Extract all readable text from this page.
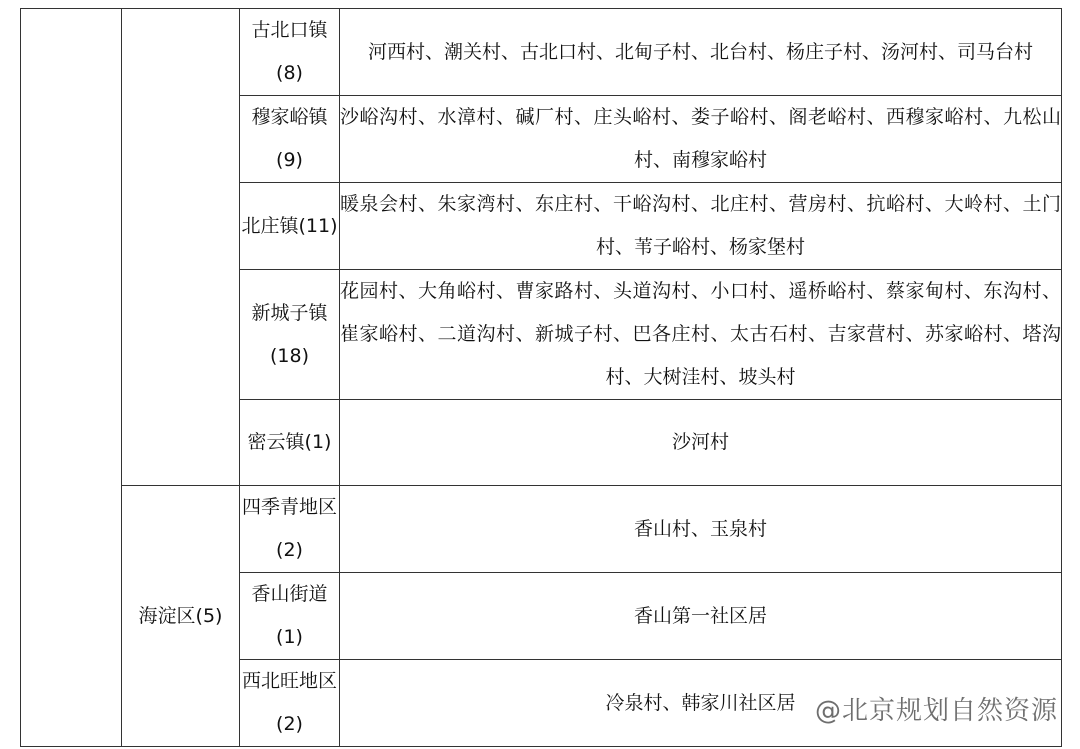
		古北口镇(8)	河西村、潮关村、古北口村、北甸子村、北台村、杨庄子村、汤河村、司马台村
		穆家峪镇(9)	沙峪沟村、水漳村、碱厂村、庄头峪村、娄子峪村、阁老峪村、西穆家峪村、九松山村、南穆家峪村
		北庄镇(11)	暖泉会村、朱家湾村、东庄村、干峪沟村、北庄村、营房村、抗峪村、大岭村、土门村、苇子峪村、杨家堡村
		新城子镇(18)	花园村、大角峪村、曹家路村、头道沟村、小口村、遥桥峪村、蔡家甸村、东沟村、崔家峪村、二道沟村、新城子村、巴各庄村、太古石村、吉家营村、苏家峪村、塔沟村、大树洼村、坡头村
		密云镇(1)	沙河村

	海淀区(5)	四季青地区(2)	香山村、玉泉村
		香山街道(1)	香山第一社区居
		西北旺地区(2)	冷泉村、韩家川社区居 @北京规划自然资源
